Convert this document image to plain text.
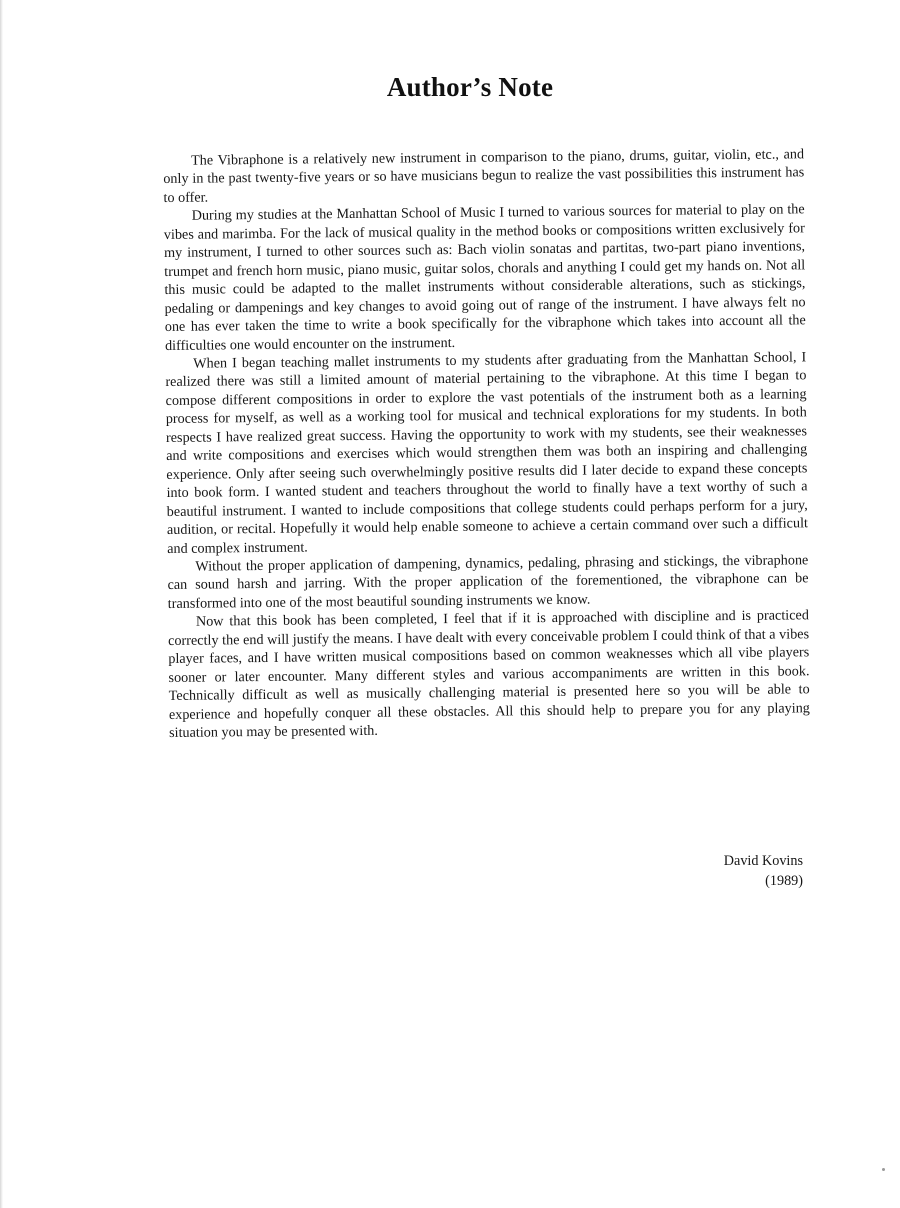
Author’s Note

The Vibraphone is a relatively new instrument in comparison to the piano, drums, guitar, violin, etc., and only in the past twenty-five years or so have musicians begun to realize the vast possibilities this instrument has to offer.

During my studies at the Manhattan School of Music I turned to various sources for material to play on the vibes and marimba. For the lack of musical quality in the method books or compositions written exclusively for my instrument, I turned to other sources such as: Bach violin sonatas and partitas, two-part piano inventions, trumpet and french horn music, piano music, guitar solos, chorals and anything I could get my hands on. Not all this music could be adapted to the mallet instruments without considerable alterations, such as stickings, pedaling or dampenings and key changes to avoid going out of range of the instrument. I have always felt no one has ever taken the time to write a book specifically for the vibraphone which takes into account all the difficulties one would encounter on the instrument.

When I began teaching mallet instruments to my students after graduating from the Manhattan School, I realized there was still a limited amount of material pertaining to the vibraphone. At this time I began to compose different compositions in order to explore the vast potentials of the instrument both as a learning process for myself, as well as a working tool for musical and technical explorations for my students. In both respects I have realized great success. Having the opportunity to work with my students, see their weaknesses and write compositions and exercises which would strengthen them was both an inspiring and challenging experience. Only after seeing such overwhelmingly positive results did I later decide to expand these concepts into book form. I wanted student and teachers throughout the world to finally have a text worthy of such a beautiful instrument. I wanted to include compositions that college students could perhaps perform for a jury, audition, or recital. Hopefully it would help enable someone to achieve a certain command over such a difficult and complex instrument.

Without the proper application of dampening, dynamics, pedaling, phrasing and stickings, the vibraphone can sound harsh and jarring. With the proper application of the forementioned, the vibraphone can be transformed into one of the most beautiful sounding instruments we know.

Now that this book has been completed, I feel that if it is approached with discipline and is practiced correctly the end will justify the means. I have dealt with every conceivable problem I could think of that a vibes player faces, and I have written musical compositions based on common weaknesses which all vibe players sooner or later encounter. Many different styles and various accompaniments are written in this book. Technically difficult as well as musically challenging material is presented here so you will be able to experience and hopefully conquer all these obstacles. All this should help to prepare you for any playing situation you may be presented with.

David Kovins
(1989)
